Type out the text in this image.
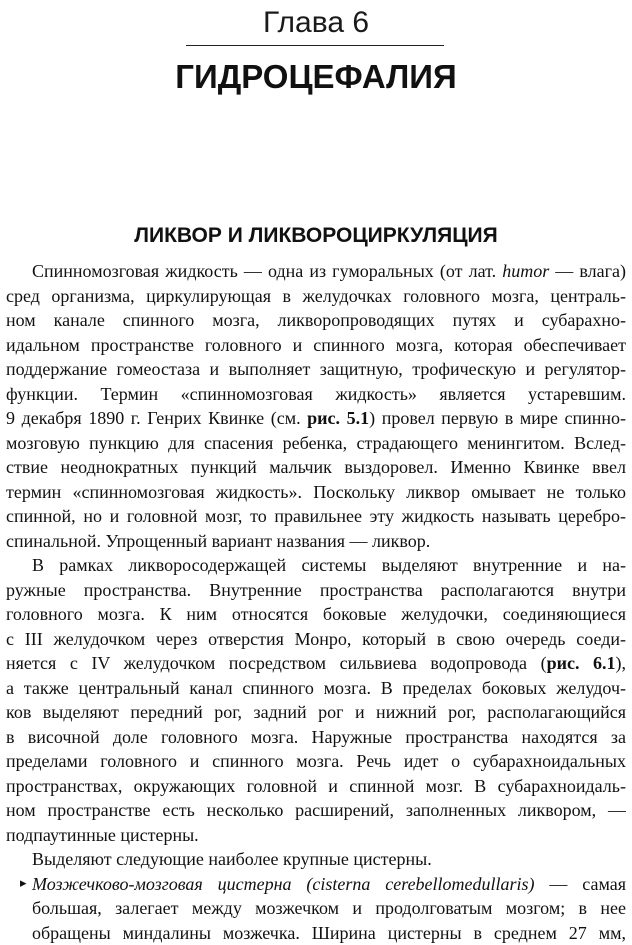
Глава 6
ГИДРОЦЕФАЛИЯ
ЛИКВОР И ЛИКВОРОЦИРКУЛЯЦИЯ
Спинномозговая жидкость — одна из гуморальных (от лат. humor — влага)
сред организма, циркулирующая в желудочках головного мозга, централь-
ном канале спинного мозга, ликворопроводящих путях и субарахно-
идальном пространстве головного и спинного мозга, которая обеспечивает
поддержание гомеостаза и выполняет защитную, трофическую и регулятор-
функции. Термин «спинномозговая жидкость» является устаревшим.
9 декабря 1890 г. Генрих Квинке (см. рис. 5.1) провел первую в мире спинно-
мозговую пункцию для спасения ребенка, страдающего менингитом. Вслед-
ствие неоднократных пункций мальчик выздоровел. Именно Квинке ввел
термин «спинномозговая жидкость». Поскольку ликвор омывает не только
спинной, но и головной мозг, то правильнее эту жидкость называть церебро-
спинальной. Упрощенный вариант названия — ликвор.
В рамках ликворосодержащей системы выделяют внутренние и на-
ружные пространства. Внутренние пространства располагаются внутри
головного мозга. К ним относятся боковые желудочки, соединяющиеся
с III желудочком через отверстия Монро, который в свою очередь соеди-
няется с IV желудочком посредством сильвиева водопровода (рис. 6.1),
а также центральный канал спинного мозга. В пределах боковых желудоч-
ков выделяют передний рог, задний рог и нижний рог, располагающийся
в височной доле головного мозга. Наружные пространства находятся за
пределами головного и спинного мозга. Речь идет о субарахноидальных
пространствах, окружающих головной и спинной мозг. В субарахноидаль-
ном пространстве есть несколько расширений, заполненных ликвором, —
подпаутинные цистерны.
Выделяют следующие наиболее крупные цистерны.
▸ Мозжечково-мозговая цистерна (cisterna cerebellomedullaris) — самая
большая, залегает между мозжечком и продолговатым мозгом; в нее
обращены миндалины мозжечка. Ширина цистерны в среднем 27 мм,
